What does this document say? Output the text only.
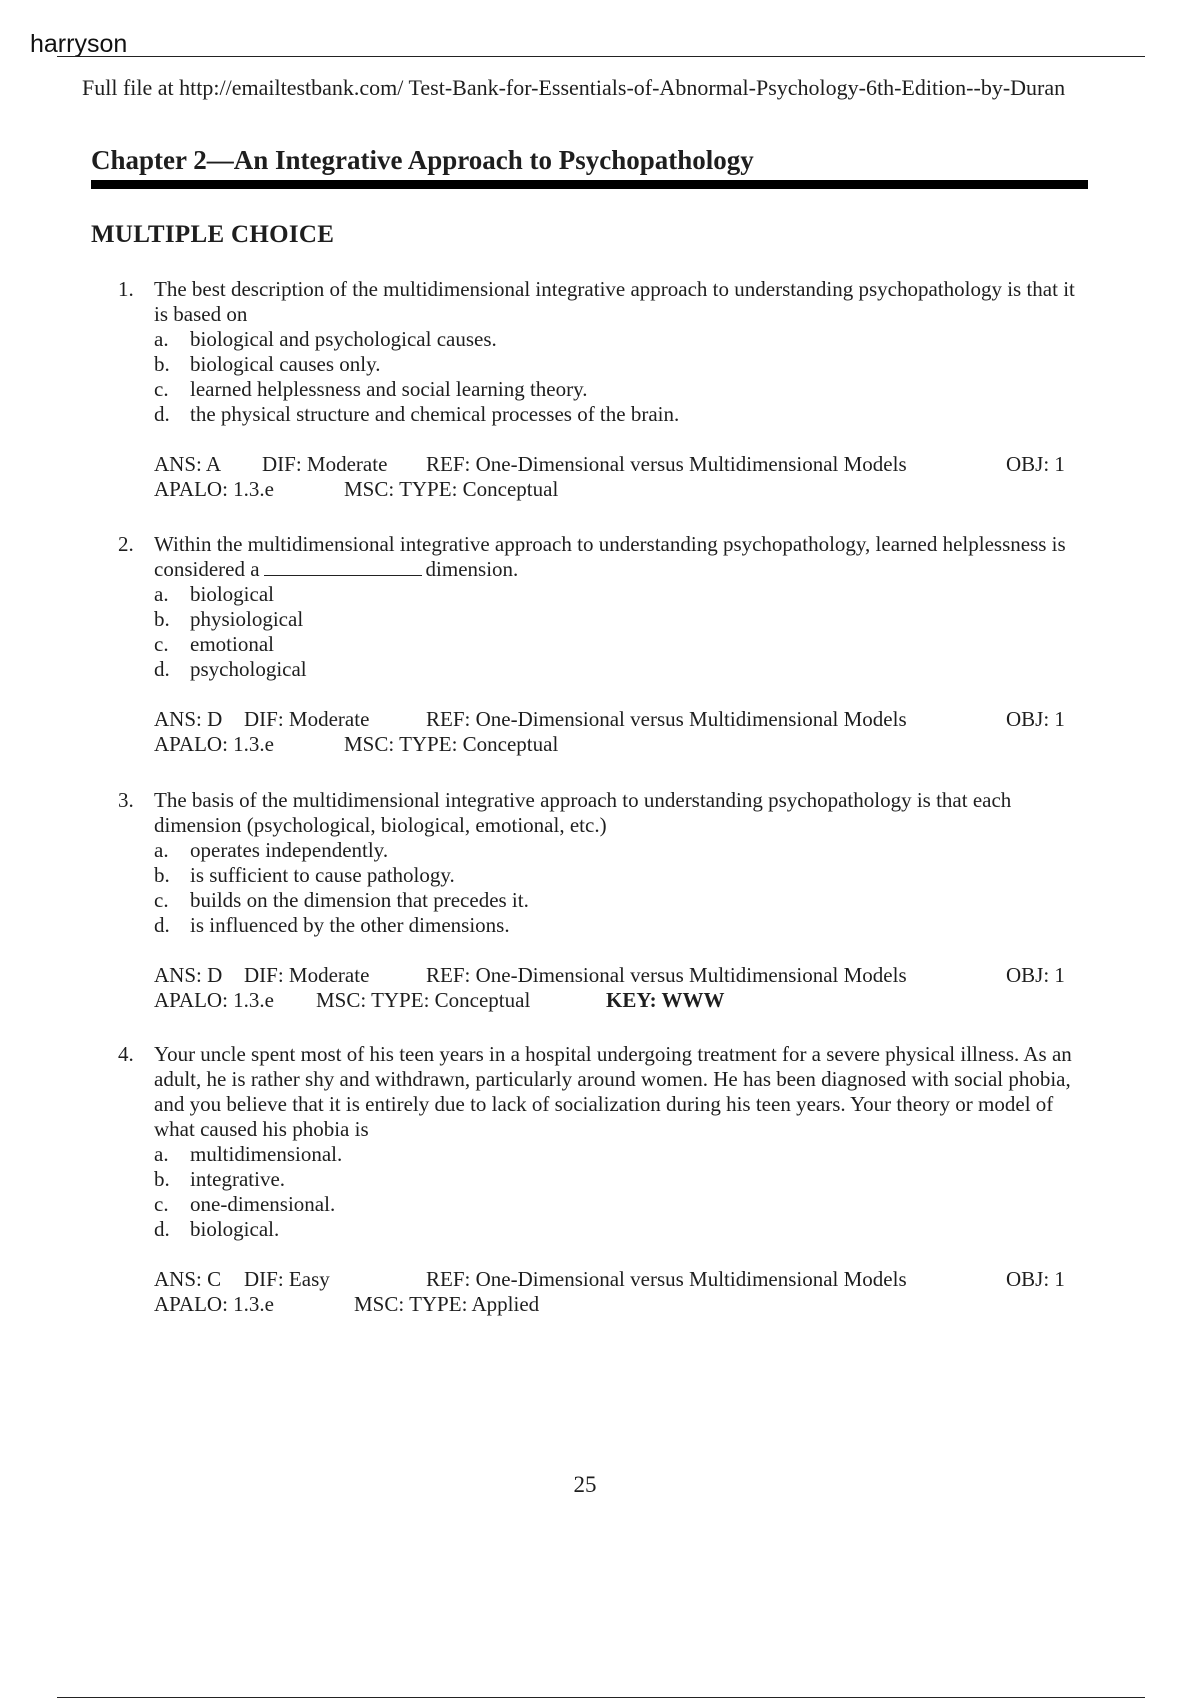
harryson
Full file at http://emailtestbank.com/ Test-Bank-for-Essentials-of-Abnormal-Psychology-6th-Edition--by-Duran
Chapter 2—An Integrative Approach to Psychopathology
MULTIPLE CHOICE
1. The best description of the multidimensional integrative approach to understanding psychopathology is that it is based on
a. biological and psychological causes.
b. biological causes only.
c. learned helplessness and social learning theory.
d. the physical structure and chemical processes of the brain.
ANS: A DIF: Moderate REF: One-Dimensional versus Multidimensional Models	OBJ: 1
APALO: 1.3.e	MSC: TYPE: Conceptual
2. Within the multidimensional integrative approach to understanding psychopathology, learned helplessness is considered a	dimension.
a. biological
b. physiological
c. emotional
d. psychological
ANS: D DIF: Moderate	REF: One-Dimensional versus Multidimensional Models	OBJ: 1
APALO: 1.3.e	MSC: TYPE: Conceptual
3. The basis of the multidimensional integrative approach to understanding psychopathology is that each dimension (psychological, biological, emotional, etc.)
a. operates independently.
b. is sufficient to cause pathology.
c. builds on the dimension that precedes it.
d. is influenced by the other dimensions.
ANS: D DIF: Moderate	REF: One-Dimensional versus Multidimensional Models	OBJ: 1
APALO: 1.3.e MSC: TYPE: Conceptual	KEY: WWW
4. Your uncle spent most of his teen years in a hospital undergoing treatment for a severe physical illness. As an adult, he is rather shy and withdrawn, particularly around women. He has been diagnosed with social phobia, and you believe that it is entirely due to lack of socialization during his teen years. Your theory or model of what caused his phobia is
a. multidimensional.
b. integrative.
c. one-dimensional.
d. biological.
ANS: C DIF: Easy	REF: One-Dimensional versus Multidimensional Models	OBJ: 1
APALO: 1.3.e	MSC: TYPE: Applied
25
